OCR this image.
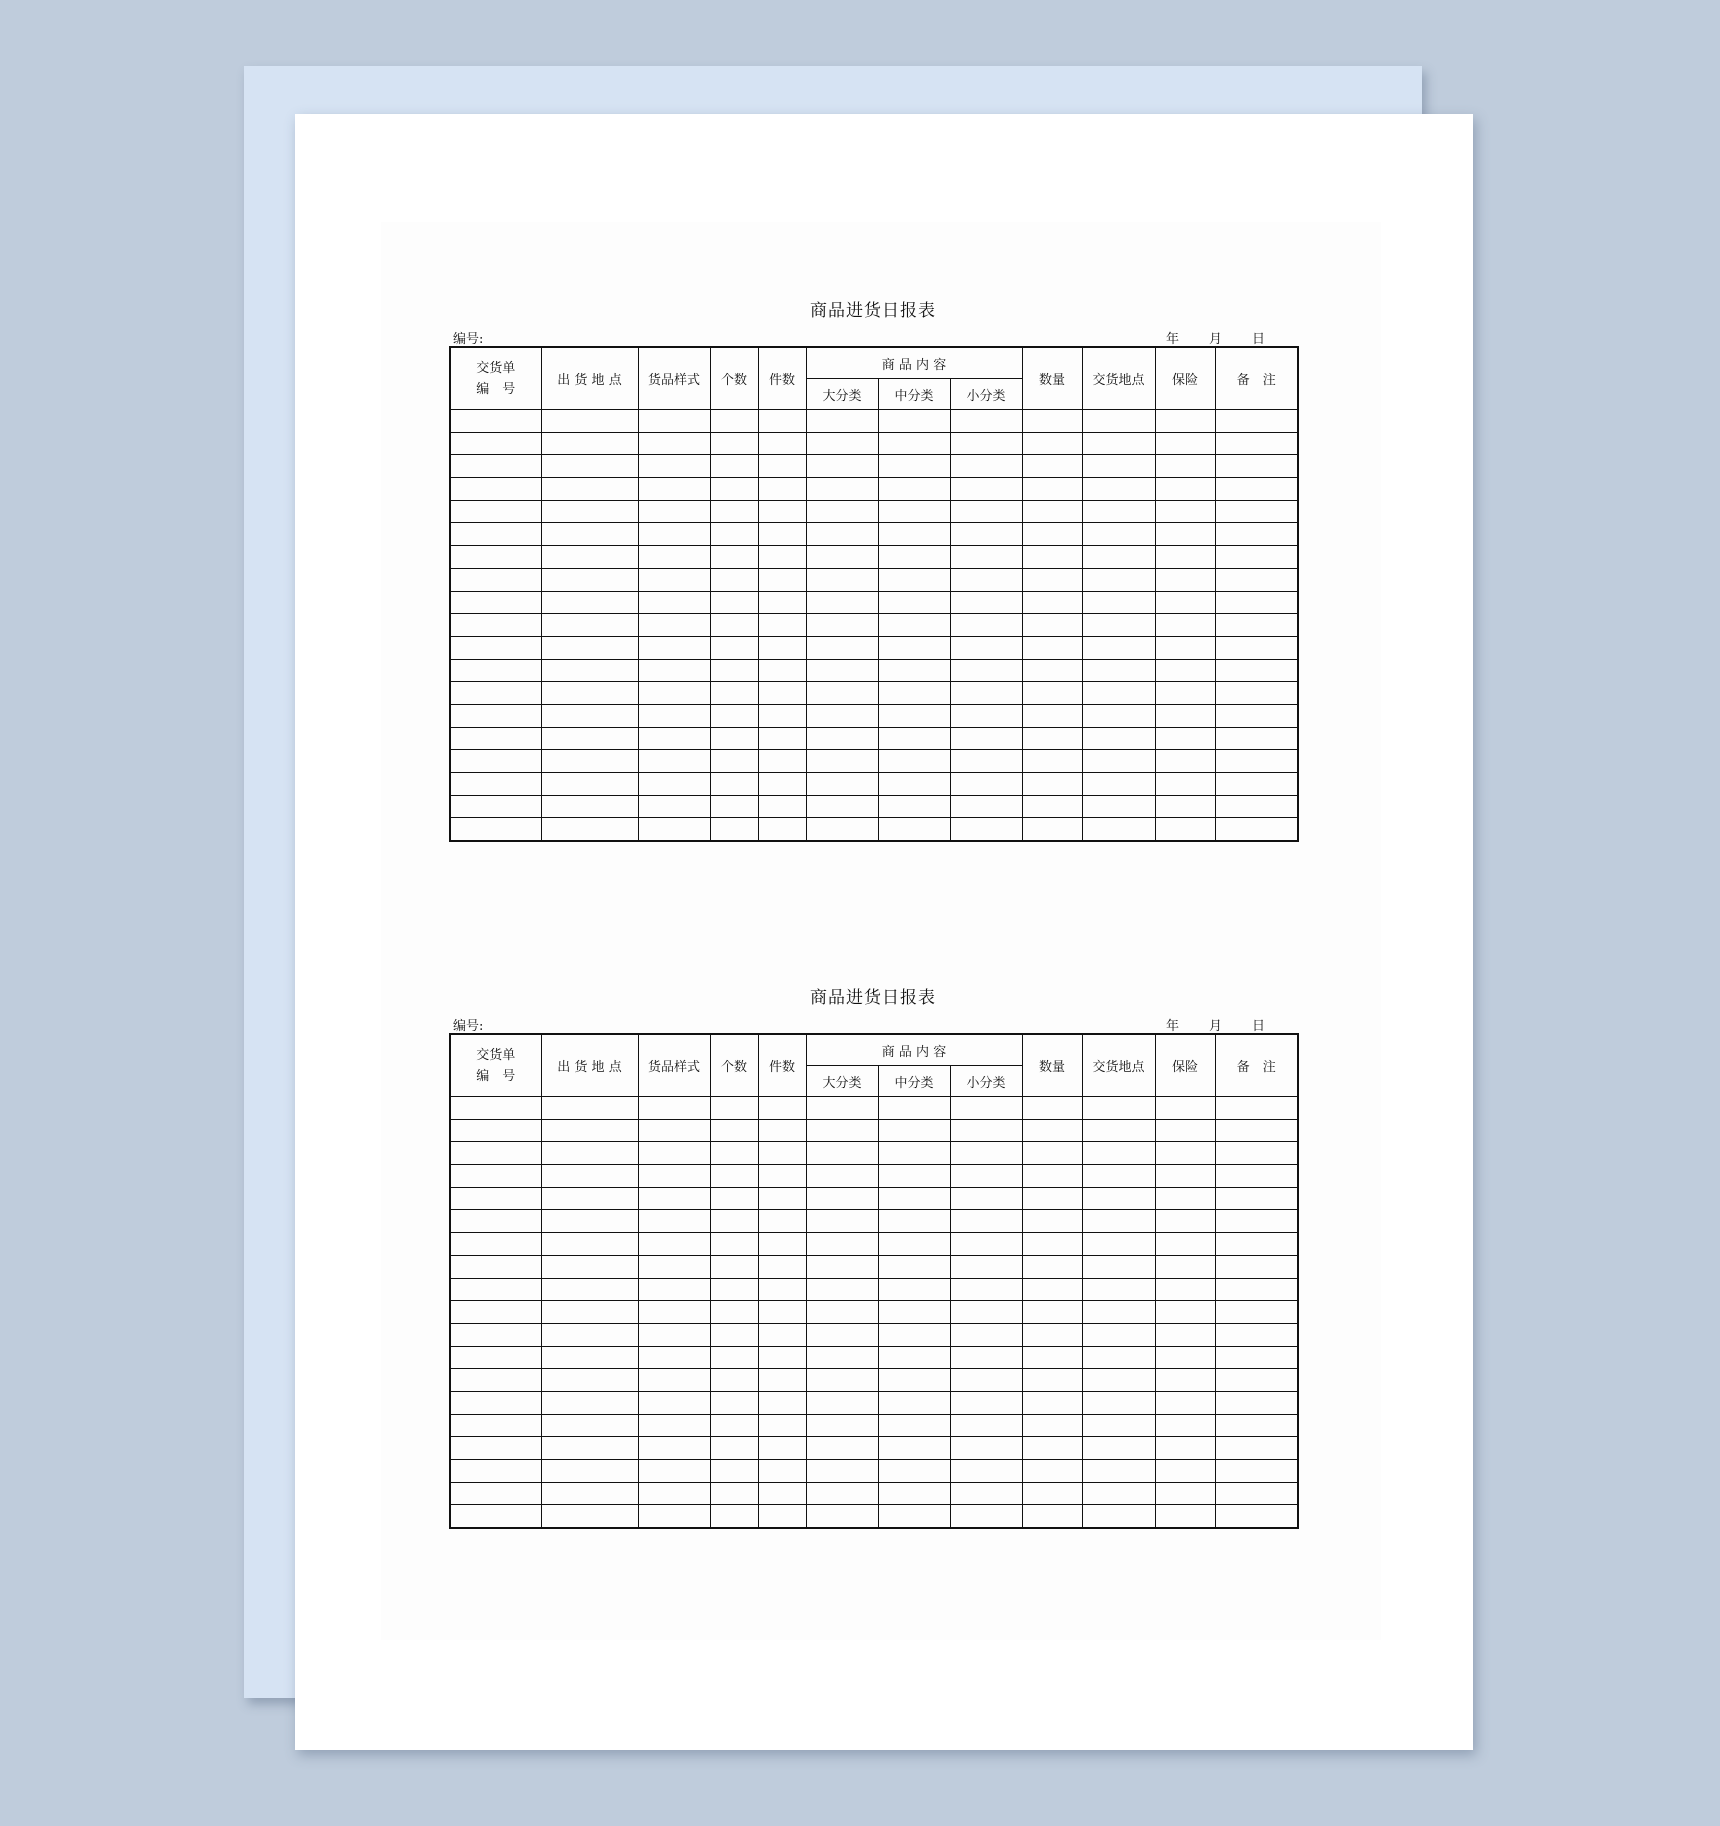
商品进货日报表
编号:	年 月 日
交货单
编　号	出 货 地 点	货品样式	个数	件数	商 品 内 容			数量	交货地点	保险	备　注
					大分类	中分类	小分类				

商品进货日报表
编号:	年 月 日
交货单
编　号	出 货 地 点	货品样式	个数	件数	商 品 内 容			数量	交货地点	保险	备　注
					大分类	中分类	小分类				
